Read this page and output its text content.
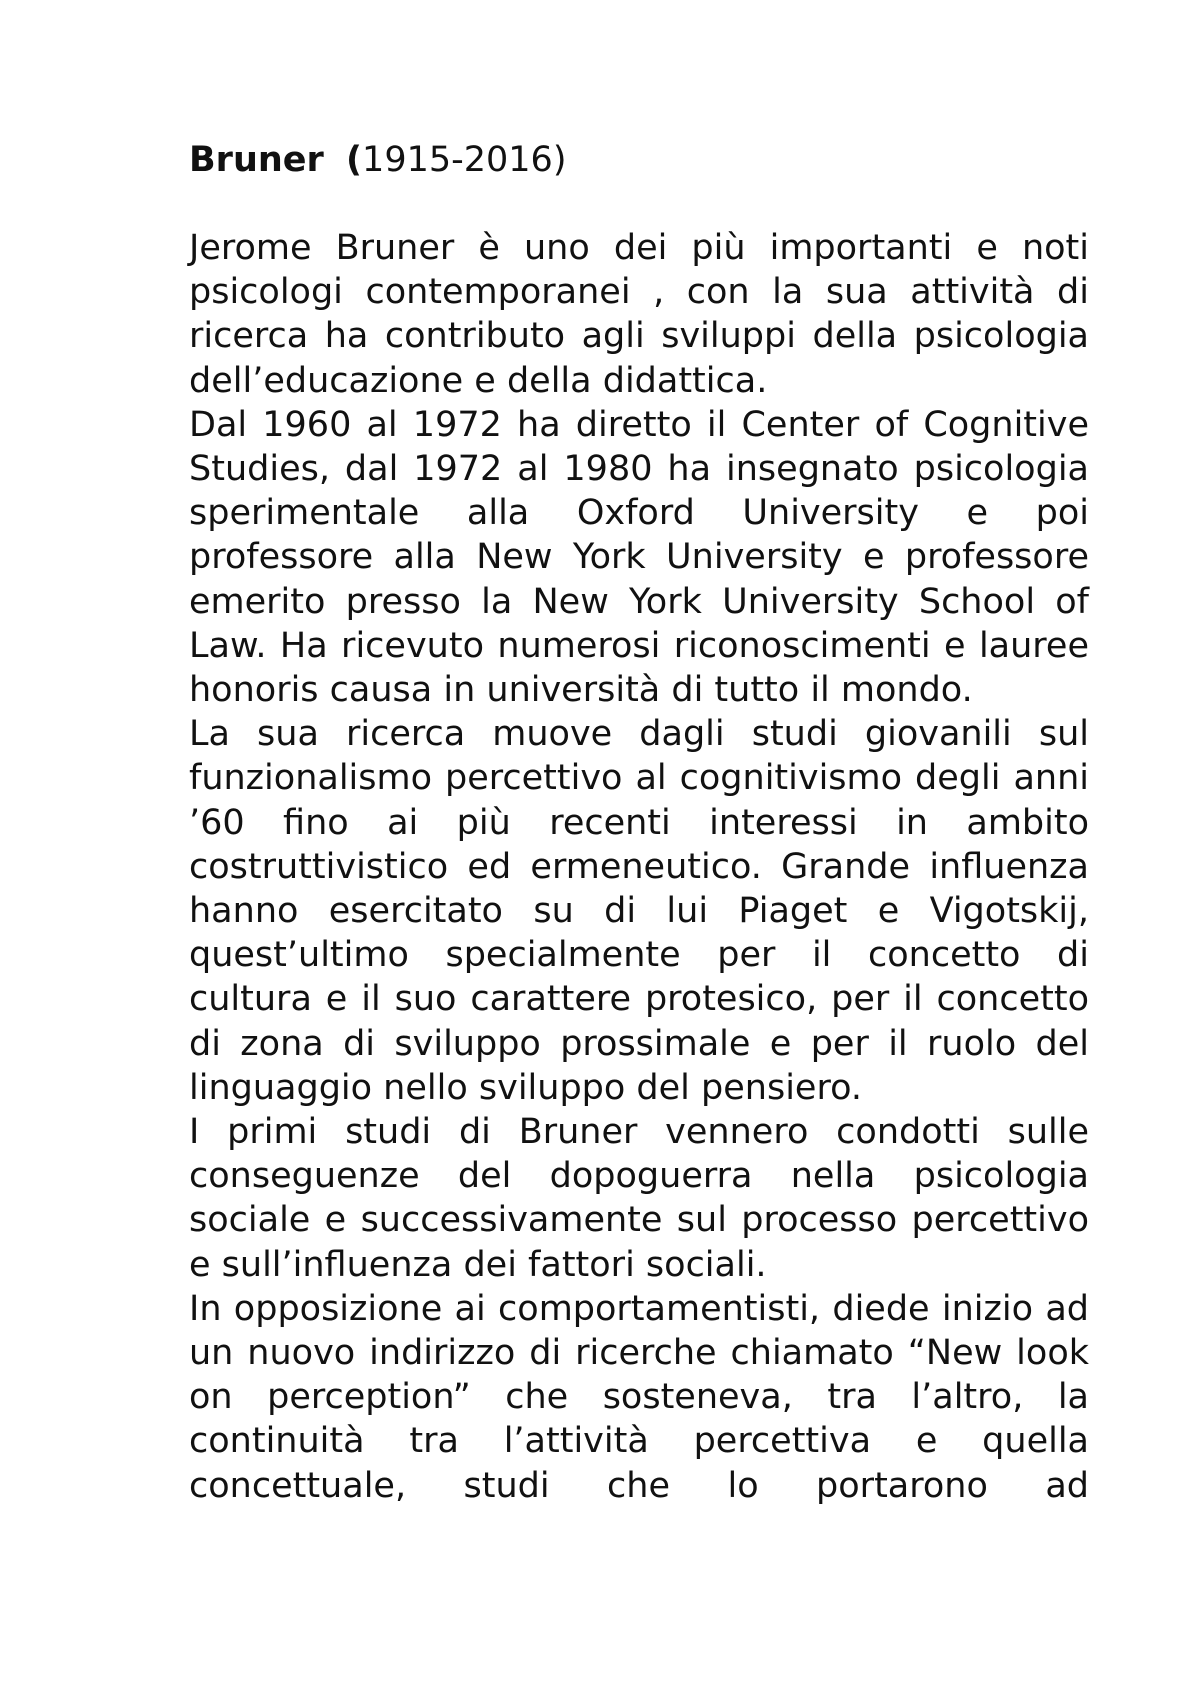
Bruner (1915-2016)

Jerome Bruner è uno dei più importanti e noti psicologi contemporanei , con la sua attività di ricerca ha contributo agli sviluppi della psicologia dell’educazione e della didattica.

Dal 1960 al 1972 ha diretto il Center of Cognitive Studies, dal 1972 al 1980 ha insegnato psicologia sperimentale alla Oxford University e poi professore alla New York University e professore emerito presso la New York University School of Law. Ha ricevuto numerosi riconoscimenti e lauree honoris causa in università di tutto il mondo.

La sua ricerca muove dagli studi giovanili sul funzionalismo percettivo al cognitivismo degli anni ’60 fino ai più recenti interessi in ambito costruttivistico ed ermeneutico. Grande influenza hanno esercitato su di lui Piaget e Vigotskij, quest’ultimo specialmente per il concetto di cultura e il suo carattere protesico, per il concetto di zona di sviluppo prossimale e per il ruolo del linguaggio nello sviluppo del pensiero.

I primi studi di Bruner vennero condotti sulle conseguenze del dopoguerra nella psicologia sociale e successivamente sul processo percettivo e sull’influenza dei fattori sociali.

In opposizione ai comportamentisti, diede inizio ad un nuovo indirizzo di ricerche chiamato “New look on perception” che sosteneva, tra l’altro, la continuità tra l’attività percettiva e quella concettuale, studi che lo portarono ad
